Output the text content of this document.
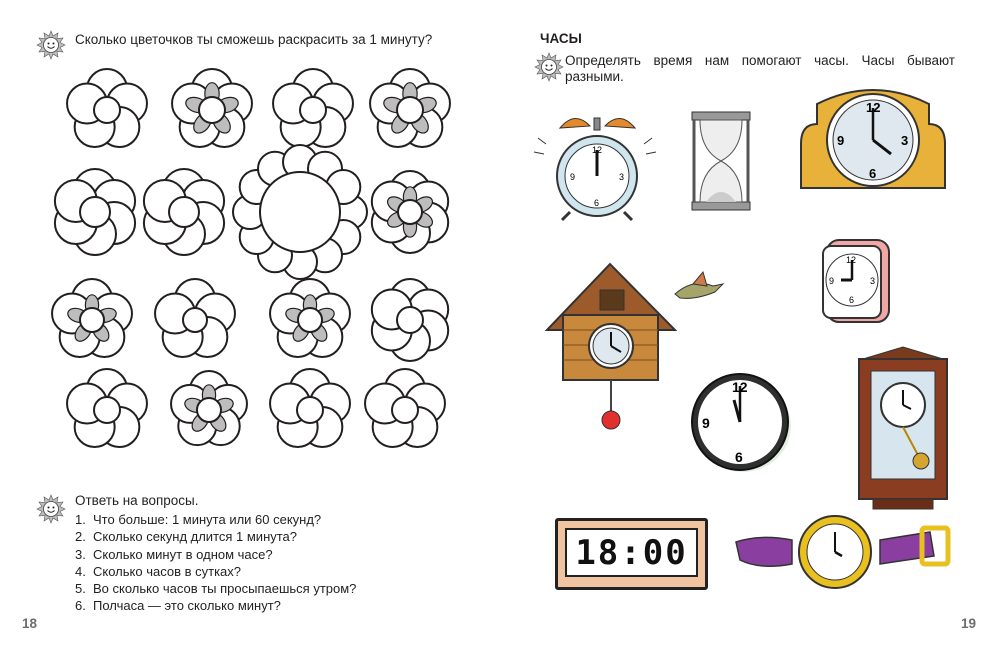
Сколько цветочков ты сможешь раскрасить за 1 минуту?
Ответь на вопросы.
1. Что больше: 1 минута или 60 секунд?
2. Сколько секунд длится 1 минута?
3. Сколько минут в одном часе?
4. Сколько часов в сутках?
5. Во сколько часов ты просыпаешься утром?
6. Полчаса — это сколько минут?
18
ЧАСЫ
Определять время нам помогают часы. Часы бывают разными.
12
3
6
9
12
3
6
9
12
3
6
9
12
9
6
18:00
19
